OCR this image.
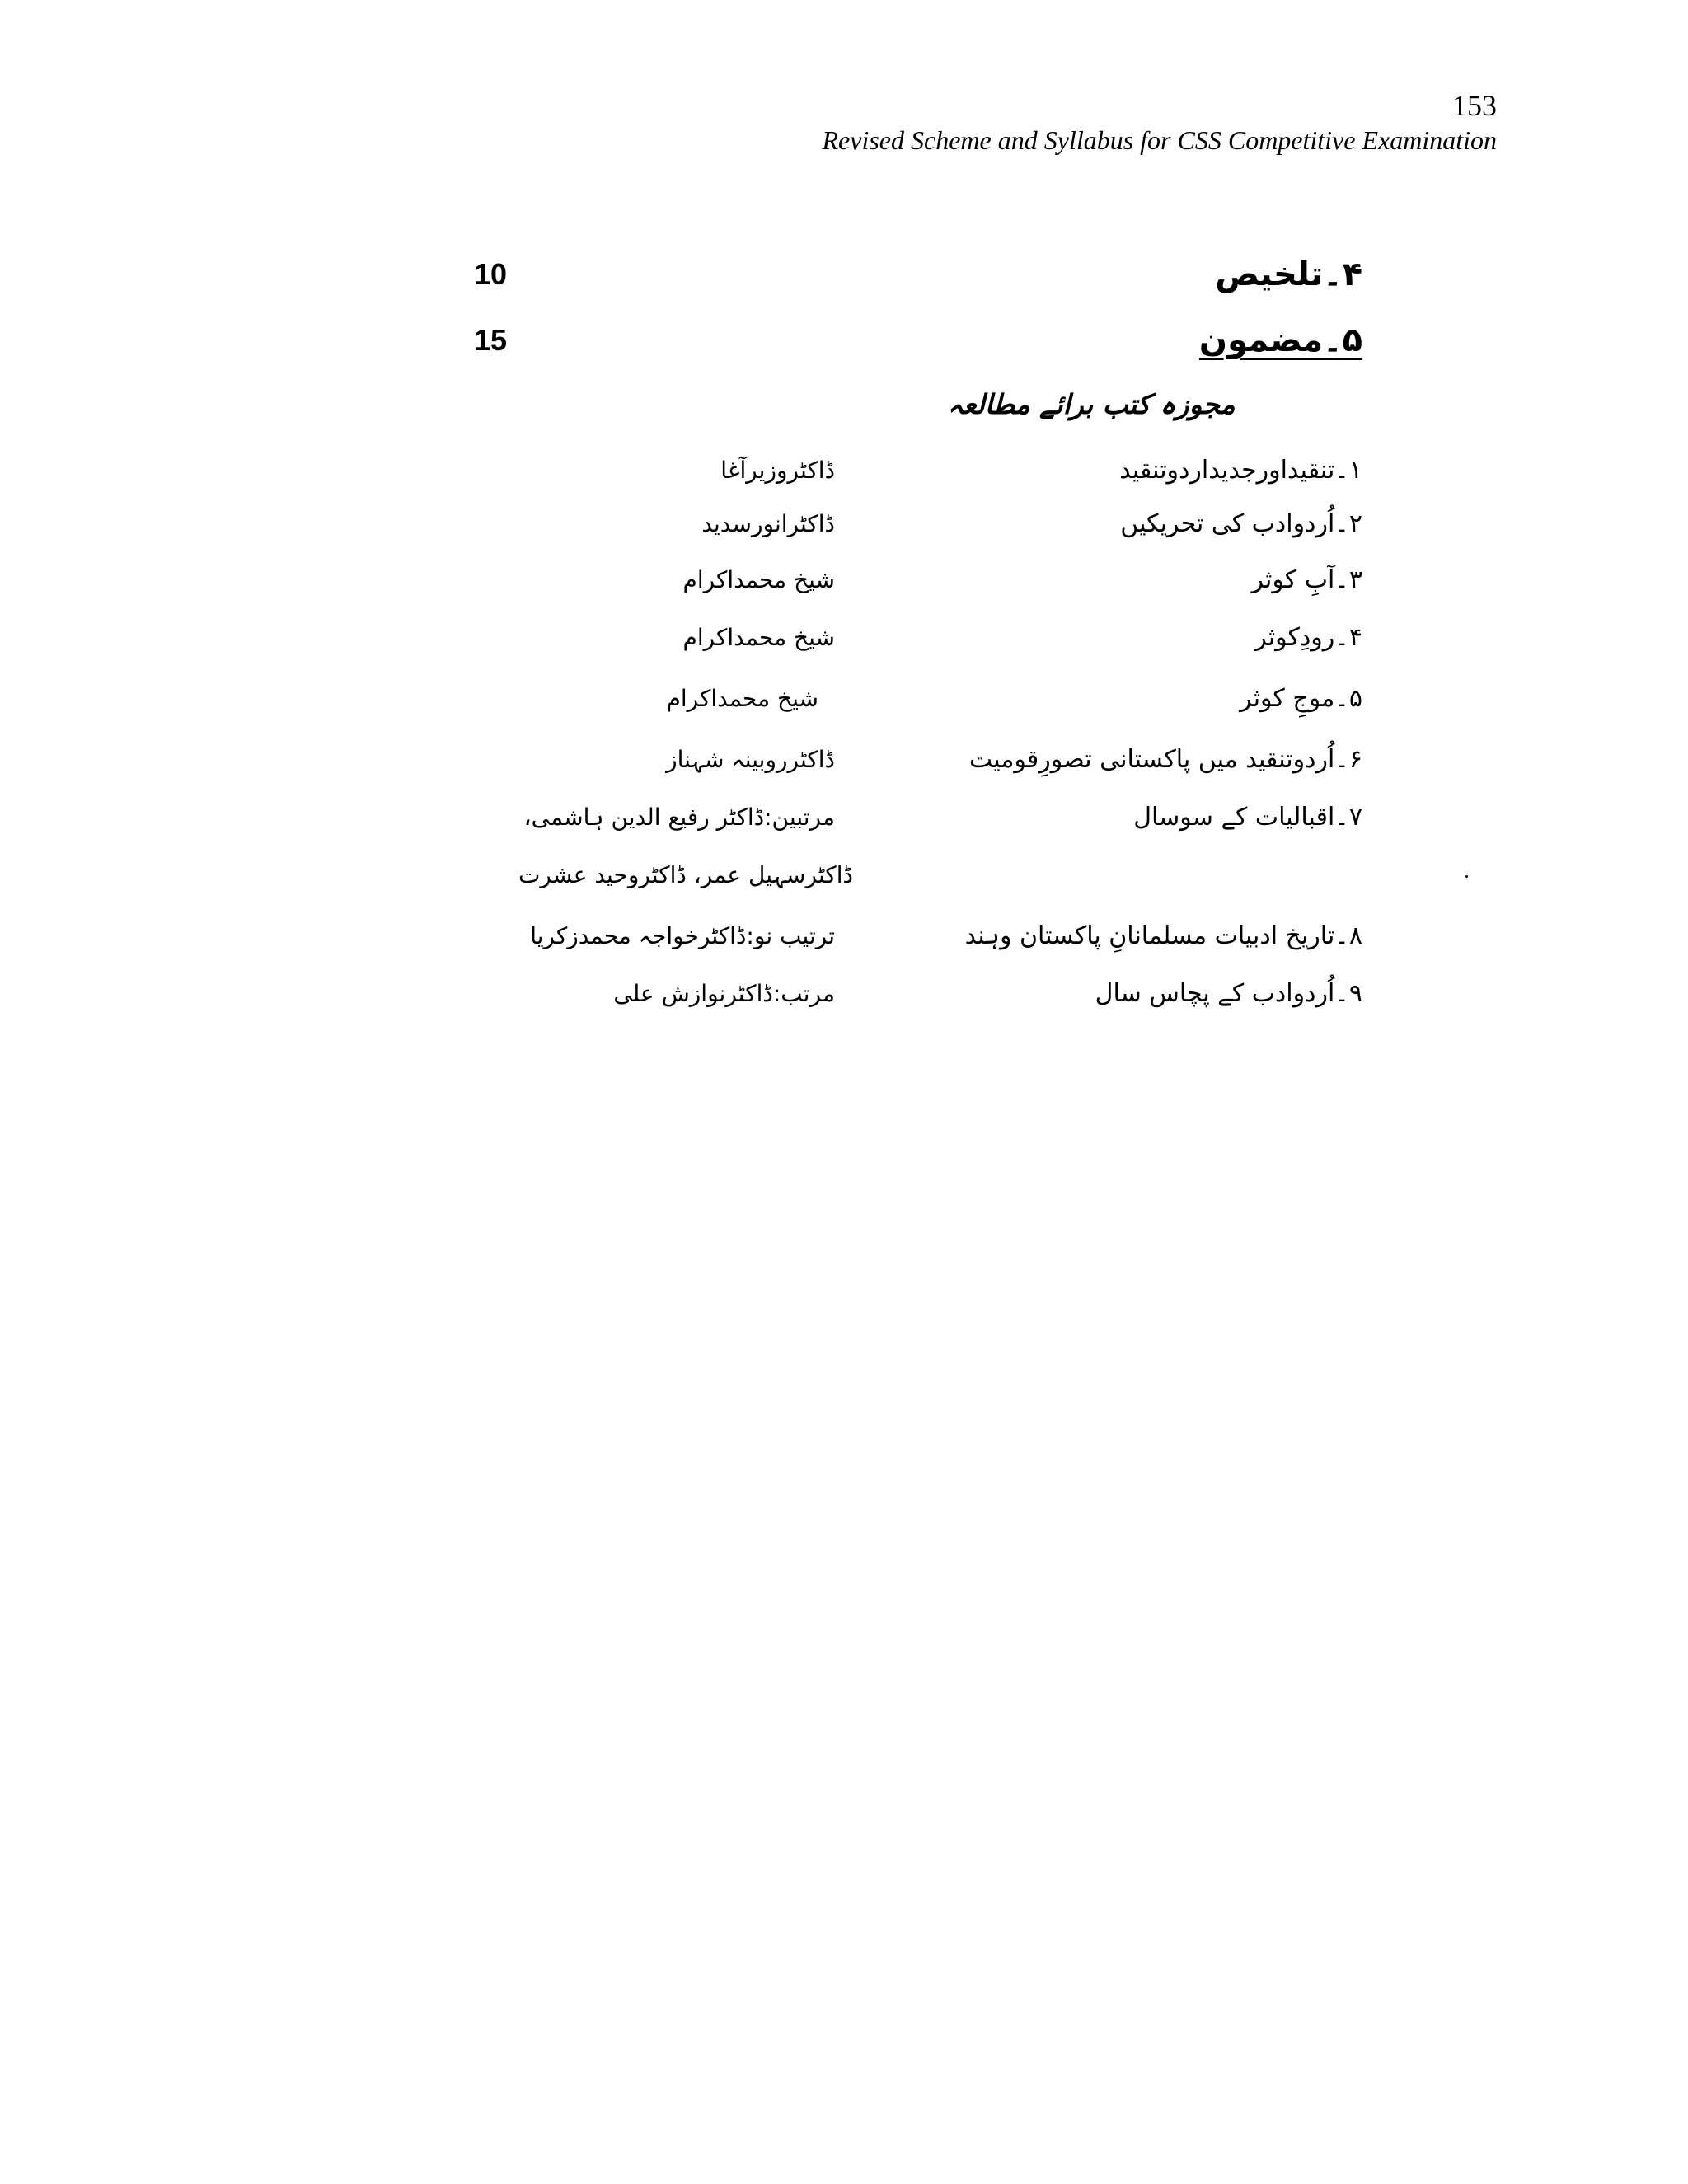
153
Revised Scheme and Syllabus for CSS Competitive Examination
10	۴۔تلخیص
15	۵۔مضمون
مجوزہ کتب برائے مطالعہ
۱۔تنقیداورجدیداردوتنقید
ڈاکٹروزیرآغا
۲۔اُردوادب کی تحریکیں
ڈاکٹرانورسدید
۳۔آبِ کوثر
شیخ محمداکرام
۴۔رودِکوثر
شیخ محمداکرام
۵۔موجِ کوثر
شیخ محمداکرام
۶۔اُردوتنقید میں پاکستانی تصورِقومیت
ڈاکٹرروبینہ شہناز
۷۔اقبالیات کے سوسال
مرتبین:ڈاکٹر رفیع الدین ہاشمی،
ڈاکٹرسہیل عمر، ڈاکٹروحید عشرت
۸۔تاریخ ادبیات مسلمانانِ پاکستان وہند
ترتیب نو:ڈاکٹرخواجہ محمدزکریا
۹۔اُردوادب کے پچاس سال
مرتب:ڈاکٹرنوازش علی
